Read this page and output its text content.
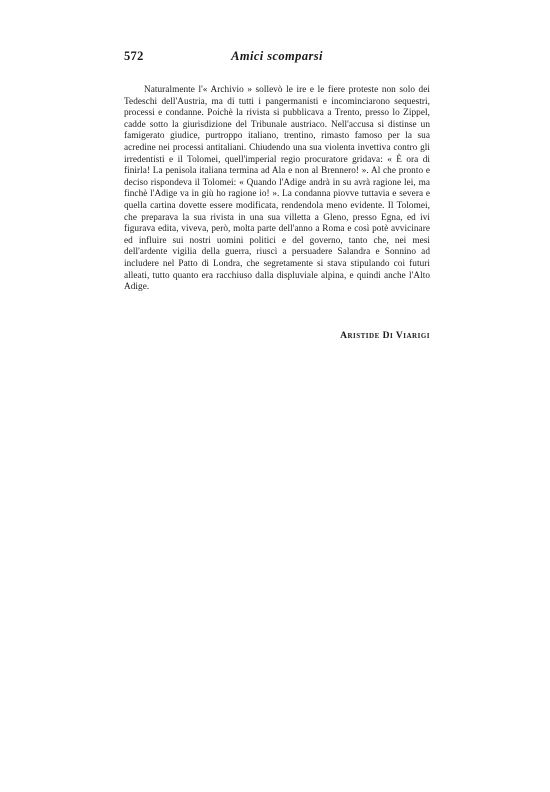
572	Amici scomparsi

Naturalmente l'« Archivio » sollevò le ire e le fiere proteste non solo dei Tedeschi dell'Austria, ma di tutti i pangermanisti e incominciarono sequestri, processi e condanne. Poichè la rivista si pubblicava a Trento, presso lo Zippel, cadde sotto la giurisdizione del Tribunale austriaco. Nell'accusa si distinse un famigerato giudice, purtroppo italiano, trentino, rimasto famoso per la sua acredine nei processi antitaliani. Chiudendo una sua violenta invettiva contro gli irredentisti e il Tolomei, quell'imperial regio procuratore gridava: « È ora di finirla! La penisola italiana termina ad Ala e non al Brennero! ». Al che pronto e deciso rispondeva il Tolomei: « Quando l'Adige andrà in su avrà ragione lei, ma finchè l'Adige va in giù ho ragione io! ». La condanna piovve tuttavia e severa e quella cartina dovette essere modificata, rendendola meno evidente. Il Tolomei, che preparava la sua rivista in una sua villetta a Gleno, presso Egna, ed ivi figurava edita, viveva, però, molta parte dell'anno a Roma e così potè avvicinare ed influire sui nostri uomini politici e del governo, tanto che, nei mesi dell'ardente vigilia della guerra, riuscì a persuadere Salandra e Sonnino ad includere nel Patto di Londra, che segretamente si stava stipulando coi futuri alleati, tutto quanto era racchiuso dalla displuviale alpina, e quindi anche l'Alto Adige.

Aristide Di Viarigi
